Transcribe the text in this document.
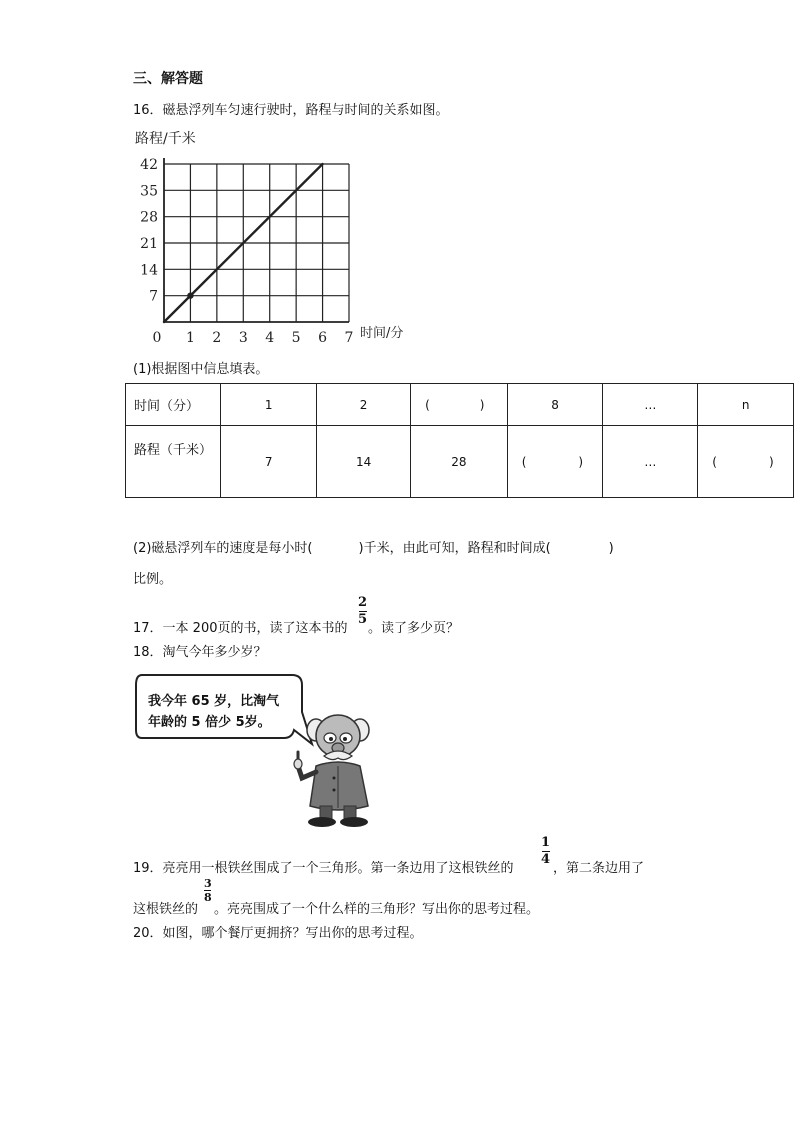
三、解答题
16．磁悬浮列车匀速行驶时，路程与时间的关系如图。
路程/千米
时间/分
0 1 2 3 4 5 6 7
7
14
21
28
35
42
(1)根据图中信息填表。
时间（分）	1	2	( )	8	…	n
路程（千米）	7	14	28	( )	…	( )
(2)磁悬浮列车的速度是每小时(	)千米，由此可知，路程和时间成(	)
比例。
17．一本 200页的书，读了这本书的
2
5
。读了多少页？
18．淘气今年多少岁？
我今年 65 岁，比淘气
年龄的 5 倍少 5岁。
19．亮亮用一根铁丝围成了一个三角形。第一条边用了这根铁丝的
1
4
，第二条边用了
这根铁丝的
3
8
。亮亮围成了一个什么样的三角形？写出你的思考过程。
20．如图，哪个餐厅更拥挤？写出你的思考过程。
